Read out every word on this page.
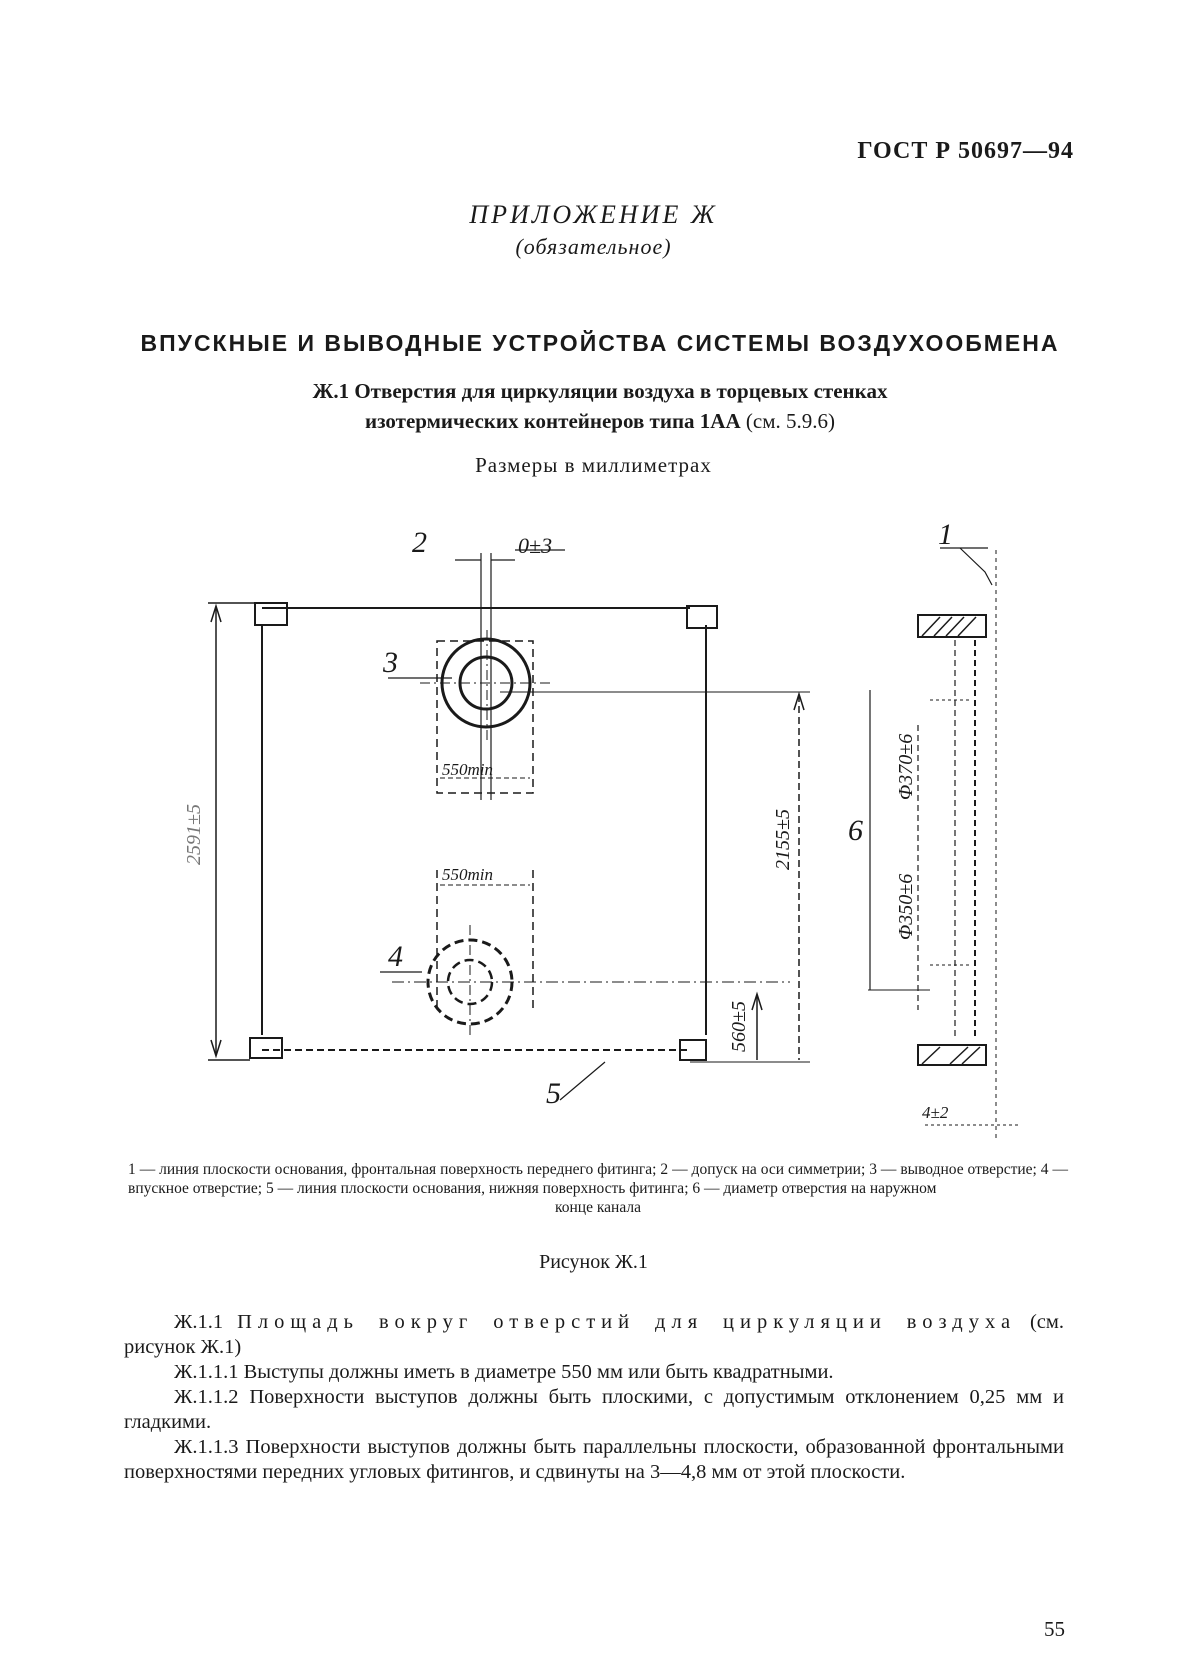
ГОСТ Р 50697—94
ПРИЛОЖЕНИЕ Ж
(обязательное)
ВПУСКНЫЕ И ВЫВОДНЫЕ УСТРОЙСТВА СИСТЕМЫ ВОЗДУХООБМЕНА
Ж.1 Отверстия для циркуляции воздуха в торцевых стенках
изотермических контейнеров типа 1АА (см. 5.9.6)
Размеры в миллиметрах
1
2
3
4
5
6
0±3
550min
550min
2155±5
560±5
2591±5
Φ350±6
Φ370±6
4±2
1 — линия плоскости основания, фронтальная поверхность переднего фитинга; 2 — допуск на оси симметрии; 3 — выводное отверстие; 4 — впускное отверстие; 5 — линия плоскости основания, нижняя поверхность фитинга; 6 — диаметр отверстия на наружном
конце канала
Рисунок Ж.1

Ж.1.1 Площадь вокруг отверстий для циркуляции воздуха (см. рисунок Ж.1)

Ж.1.1.1 Выступы должны иметь в диаметре 550 мм или быть квадратными.

Ж.1.1.2 Поверхности выступов должны быть плоскими, с допустимым отклонением 0,25 мм и гладкими.

Ж.1.1.3 Поверхности выступов должны быть параллельны плоскости, образованной фронтальными поверхностями передних угловых фитингов, и сдвинуты на 3—4,8 мм от этой плоскости.

55
